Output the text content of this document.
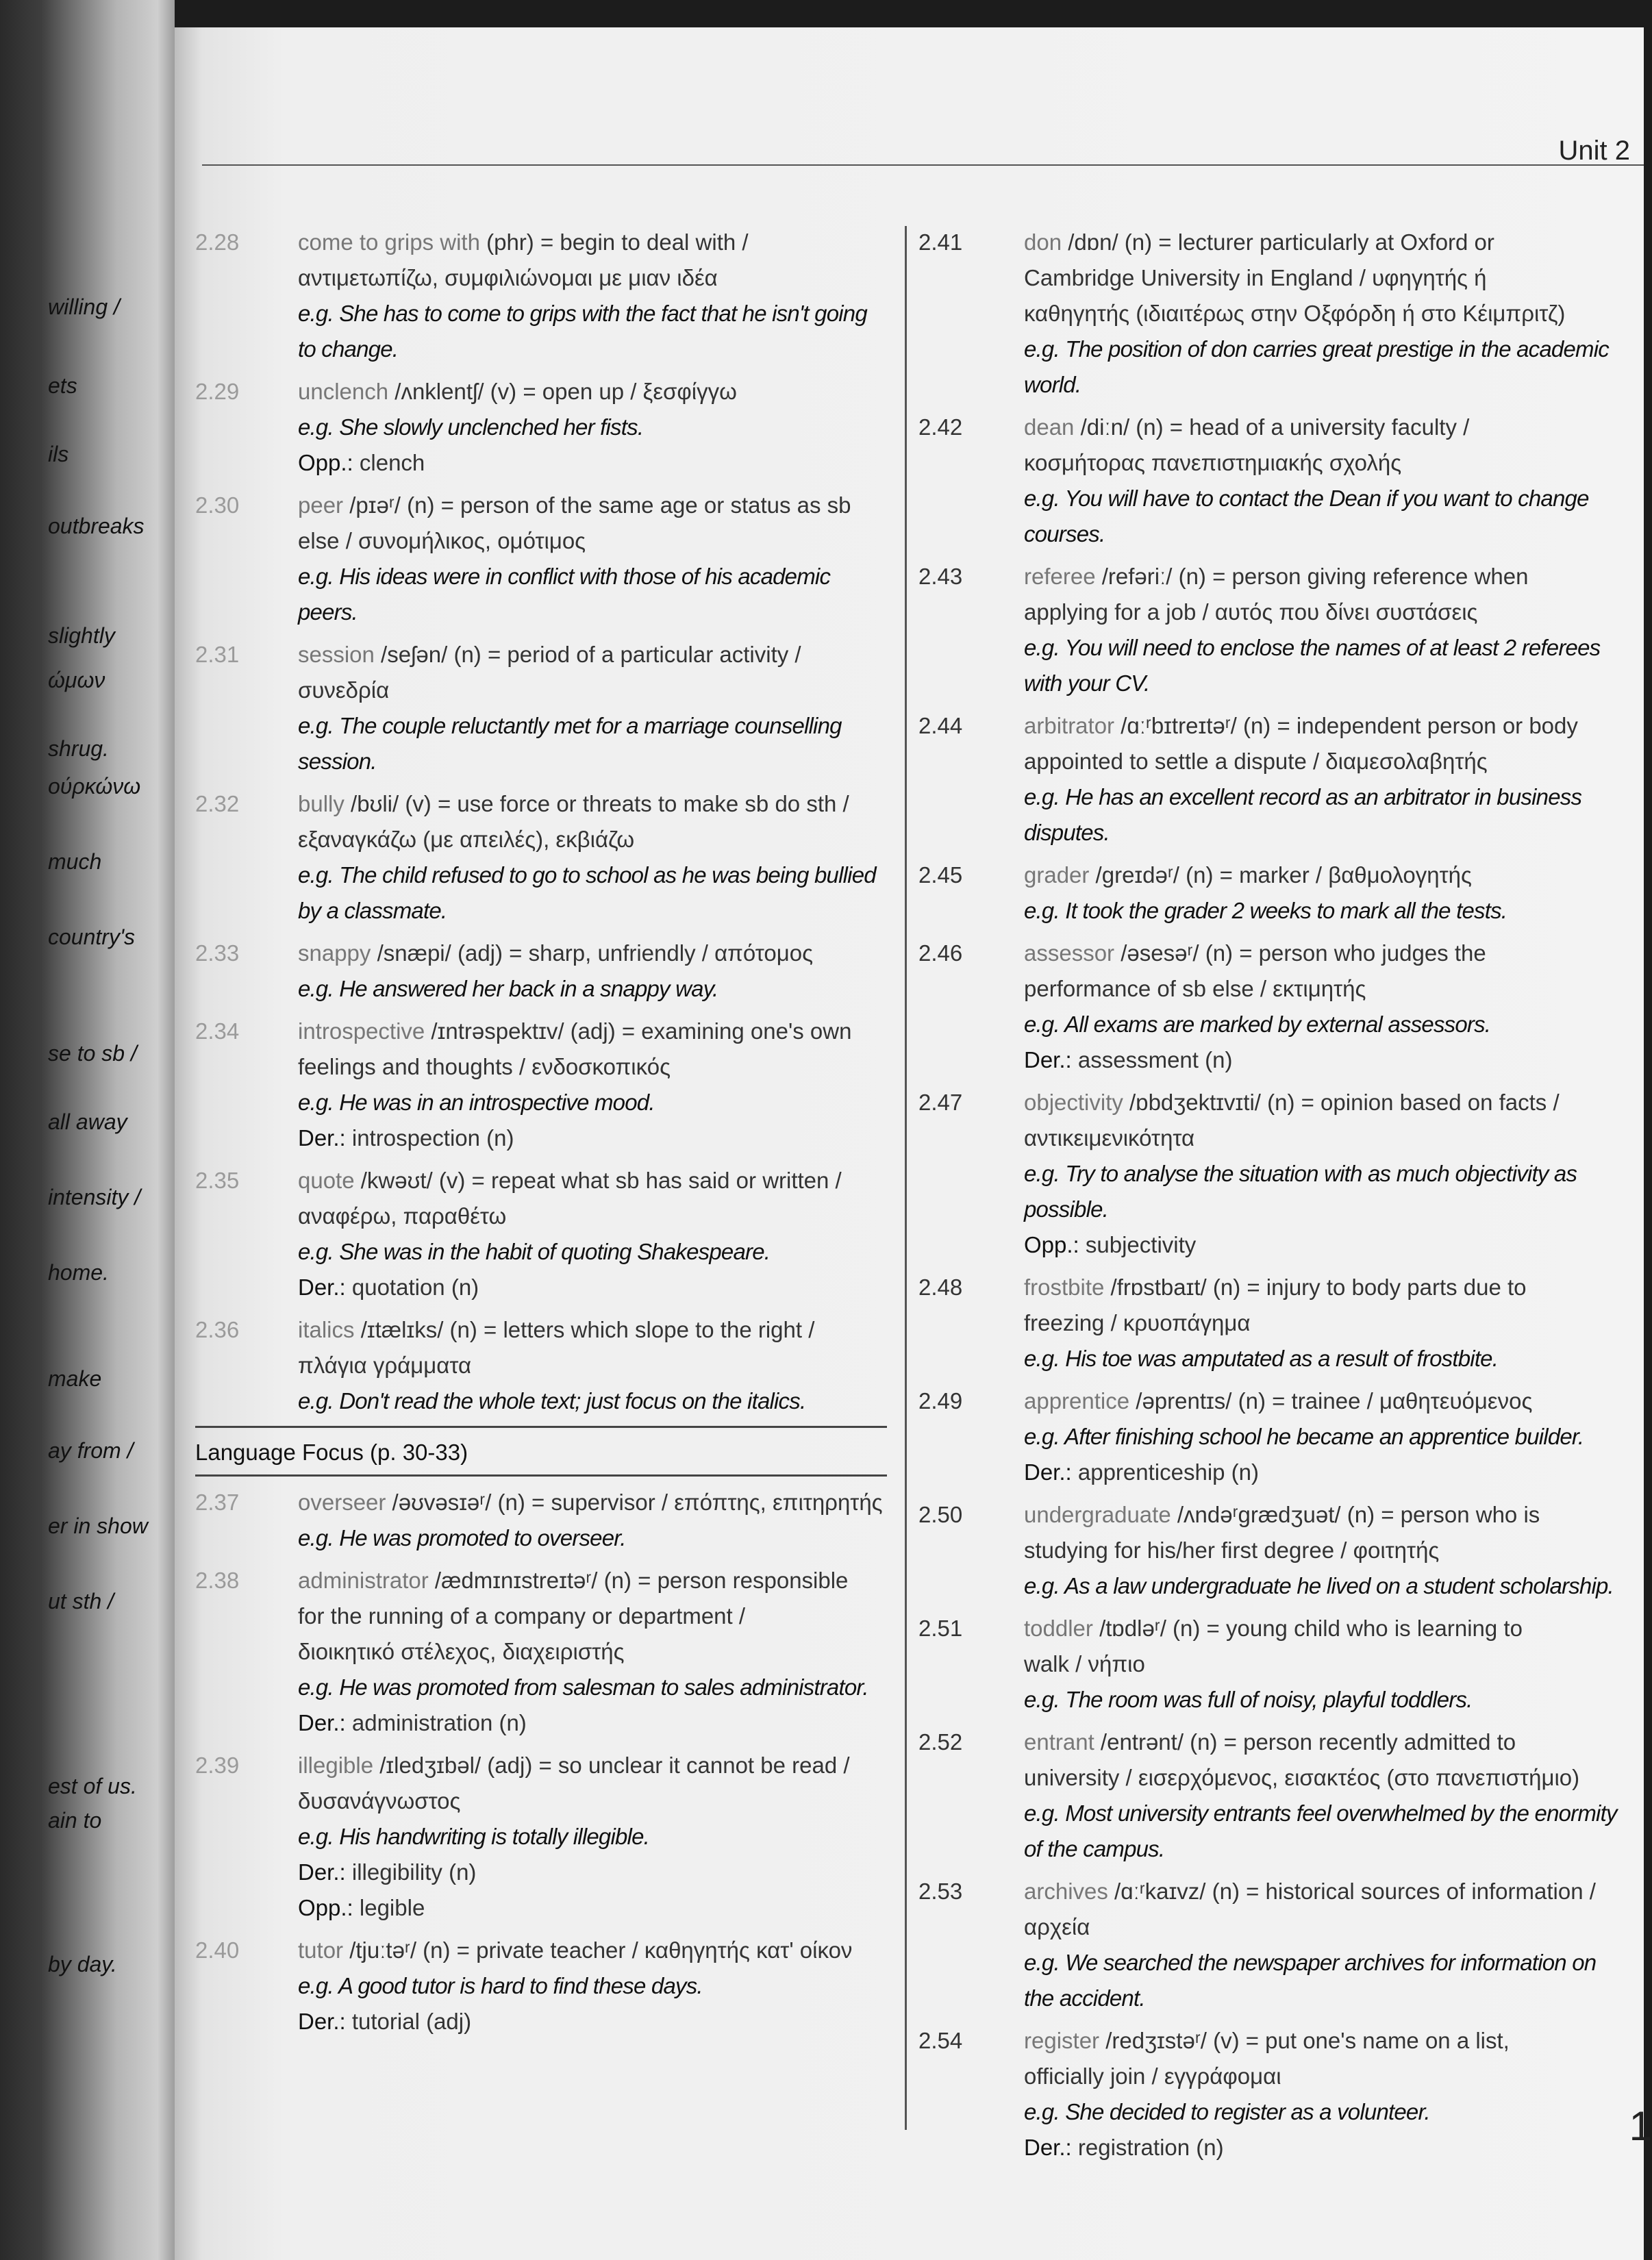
willing /
ets
ils
outbreaks
slightly
ώμων
shrug.
ούρκώνω
much
country's
se to sb /
all away
intensity /
home.
make
ay from /
er in show
ut sth /
est of us.
ain to
by day.
Unit 2
2.28	come to grips with (phr) = begin to deal with /

αντιμετωπίζω, συμφιλιώνομαι με μιαν ιδέα

e.g. She has to come to grips with the fact that he isn't going

to change.

2.29	unclench /ʌnklentʃ/ (v) = open up / ξεσφίγγω

e.g. She slowly unclenched her fists.

Opp.: clench

2.30	peer /pɪəʳ/ (n) = person of the same age or status as sb

else / συνομήλικος, ομότιμος

e.g. His ideas were in conflict with those of his academic

peers.

2.31	session /seʃən/ (n) = period of a particular activity /

συνεδρία

e.g. The couple reluctantly met for a marriage counselling

session.

2.32	bully /bʊli/ (v) = use force or threats to make sb do sth /

εξαναγκάζω (με απειλές), εκβιάζω

e.g. The child refused to go to school as he was being bullied

by a classmate.

2.33	snappy /snæpi/ (adj) = sharp, unfriendly / απότομος

e.g. He answered her back in a snappy way.

2.34	introspective /ɪntrəspektɪv/ (adj) = examining one's own

feelings and thoughts / ενδοσκοπικός

e.g. He was in an introspective mood.

Der.: introspection (n)

2.35	quote /kwəʊt/ (v) = repeat what sb has said or written /

αναφέρω, παραθέτω

e.g. She was in the habit of quoting Shakespeare.

Der.: quotation (n)

2.36	italics /ɪtælɪks/ (n) = letters which slope to the right /

πλάγια γράμματα

e.g. Don't read the whole text; just focus on the italics.

Language Focus (p. 30-33)
2.37	overseer /əʊvəsɪəʳ/ (n) = supervisor / επόπτης, επιτηρητής

e.g. He was promoted to overseer.

2.38	administrator /ædmɪnɪstreɪtəʳ/ (n) = person responsible

for the running of a company or department /

διοικητικό στέλεχος, διαχειριστής

e.g. He was promoted from salesman to sales administrator.

Der.: administration (n)

2.39	illegible /ɪledʒɪbəl/ (adj) = so unclear it cannot be read /

δυσανάγνωστος

e.g. His handwriting is totally illegible.

Der.: illegibility (n)

Opp.: legible

2.40	tutor /tjuːtəʳ/ (n) = private teacher / καθηγητής κατ' οίκον

e.g. A good tutor is hard to find these days.

Der.: tutorial (adj)

2.41	don /dɒn/ (n) = lecturer particularly at Oxford or

Cambridge University in England / υφηγητής ή

καθηγητής (ιδιαιτέρως στην Οξφόρδη ή στο Κέιμπριτζ)

e.g. The position of don carries great prestige in the academic

world.

2.42	dean /diːn/ (n) = head of a university faculty /

κοσμήτορας πανεπιστημιακής σχολής

e.g. You will have to contact the Dean if you want to change

courses.

2.43	referee /refəriː/ (n) = person giving reference when

applying for a job / αυτός που δίνει συστάσεις

e.g. You will need to enclose the names of at least 2 referees

with your CV.

2.44	arbitrator /ɑːʳbɪtreɪtəʳ/ (n) = independent person or body

appointed to settle a dispute / διαμεσολαβητής

e.g. He has an excellent record as an arbitrator in business disputes.

2.45	grader /greɪdəʳ/ (n) = marker / βαθμολογητής

e.g. It took the grader 2 weeks to mark all the tests.

2.46	assessor /əsesəʳ/ (n) = person who judges the

performance of sb else / εκτιμητής

e.g. All exams are marked by external assessors.

Der.: assessment (n)

2.47	objectivity /ɒbdʒektɪvɪti/ (n) = opinion based on facts /

αντικειμενικότητα

e.g. Try to analyse the situation with as much objectivity as

possible.

Opp.: subjectivity

2.48	frostbite /frɒstbaɪt/ (n) = injury to body parts due to

freezing / κρυοπάγημα

e.g. His toe was amputated as a result of frostbite.

2.49	apprentice /əprentɪs/ (n) = trainee / μαθητευόμενος

e.g. After finishing school he became an apprentice builder.

Der.: apprenticeship (n)

2.50	undergraduate /ʌndəʳgrædʒuət/ (n) = person who is

studying for his/her first degree / φοιτητής

e.g. As a law undergraduate he lived on a student scholarship.

2.51	toddler /tɒdləʳ/ (n) = young child who is learning to

walk / νήπιο

e.g. The room was full of noisy, playful toddlers.

2.52	entrant /entrənt/ (n) = person recently admitted to

university / εισερχόμενος, εισακτέος (στο πανεπιστήμιο)

e.g. Most university entrants feel overwhelmed by the enormity

of the campus.

2.53	archives /ɑːʳkaɪvz/ (n) = historical sources of information /

αρχεία

e.g. We searched the newspaper archives for information on

the accident.

2.54	register /redʒɪstəʳ/ (v) = put one's name on a list,

officially join / εγγράφομαι

e.g. She decided to register as a volunteer.

Der.: registration (n)	1
